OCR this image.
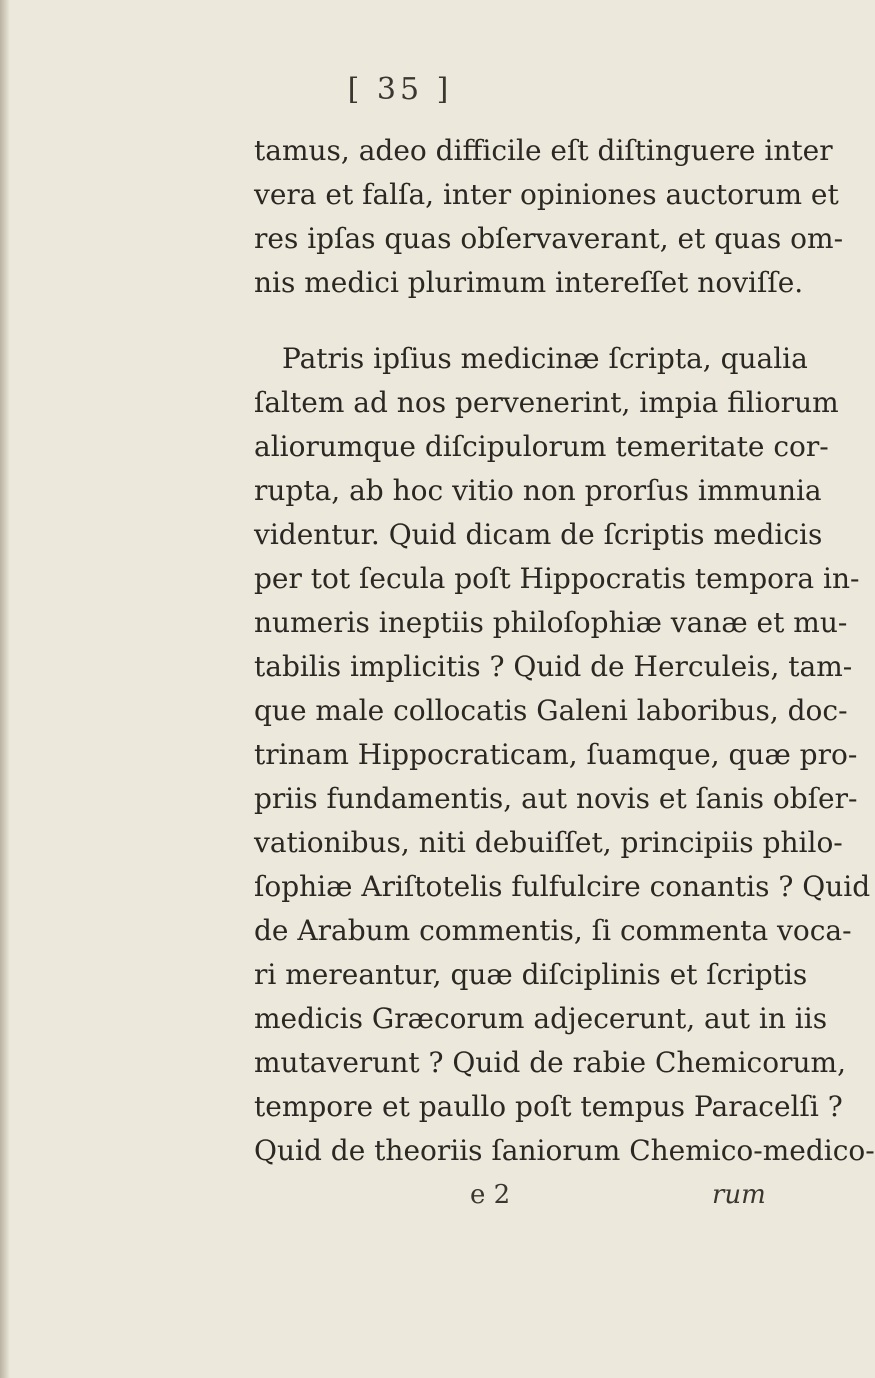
[ 35 ]
tamus, adeo difficile eſt diſtinguere inter
vera et falſa, inter opiniones auctorum et
res ipſas quas obſervaverant, et quas om-
nis medici plurimum intereſſet noviſſe.
Patris ipſius medicinæ ſcripta, qualia
ſaltem ad nos pervenerint, impia filiorum
aliorumque diſcipulorum temeritate cor-
rupta, ab hoc vitio non prorſus immunia
videntur. Quid dicam de ſcriptis medicis
per tot ſecula poſt Hippocratis tempora in-
numeris ineptiis philoſophiæ vanæ et mu-
tabilis implicitis ? Quid de Herculeis, tam-
que male collocatis Galeni laboribus, doc-
trinam Hippocraticam, ſuamque, quæ pro-
priis fundamentis, aut novis et ſanis obſer-
vationibus, niti debuiſſet, principiis philo-
ſophiæ Ariſtotelis fulfulcire conantis ? Quid
de Arabum commentis, ſi commenta voca-
ri mereantur, quæ diſciplinis et ſcriptis
medicis Græcorum adjecerunt, aut in iis
mutaverunt ? Quid de rabie Chemicorum,
tempore et paullo poſt tempus Paracelſi ?
Quid de theoriis ſaniorum Chemico-medico-
e 2	rum
